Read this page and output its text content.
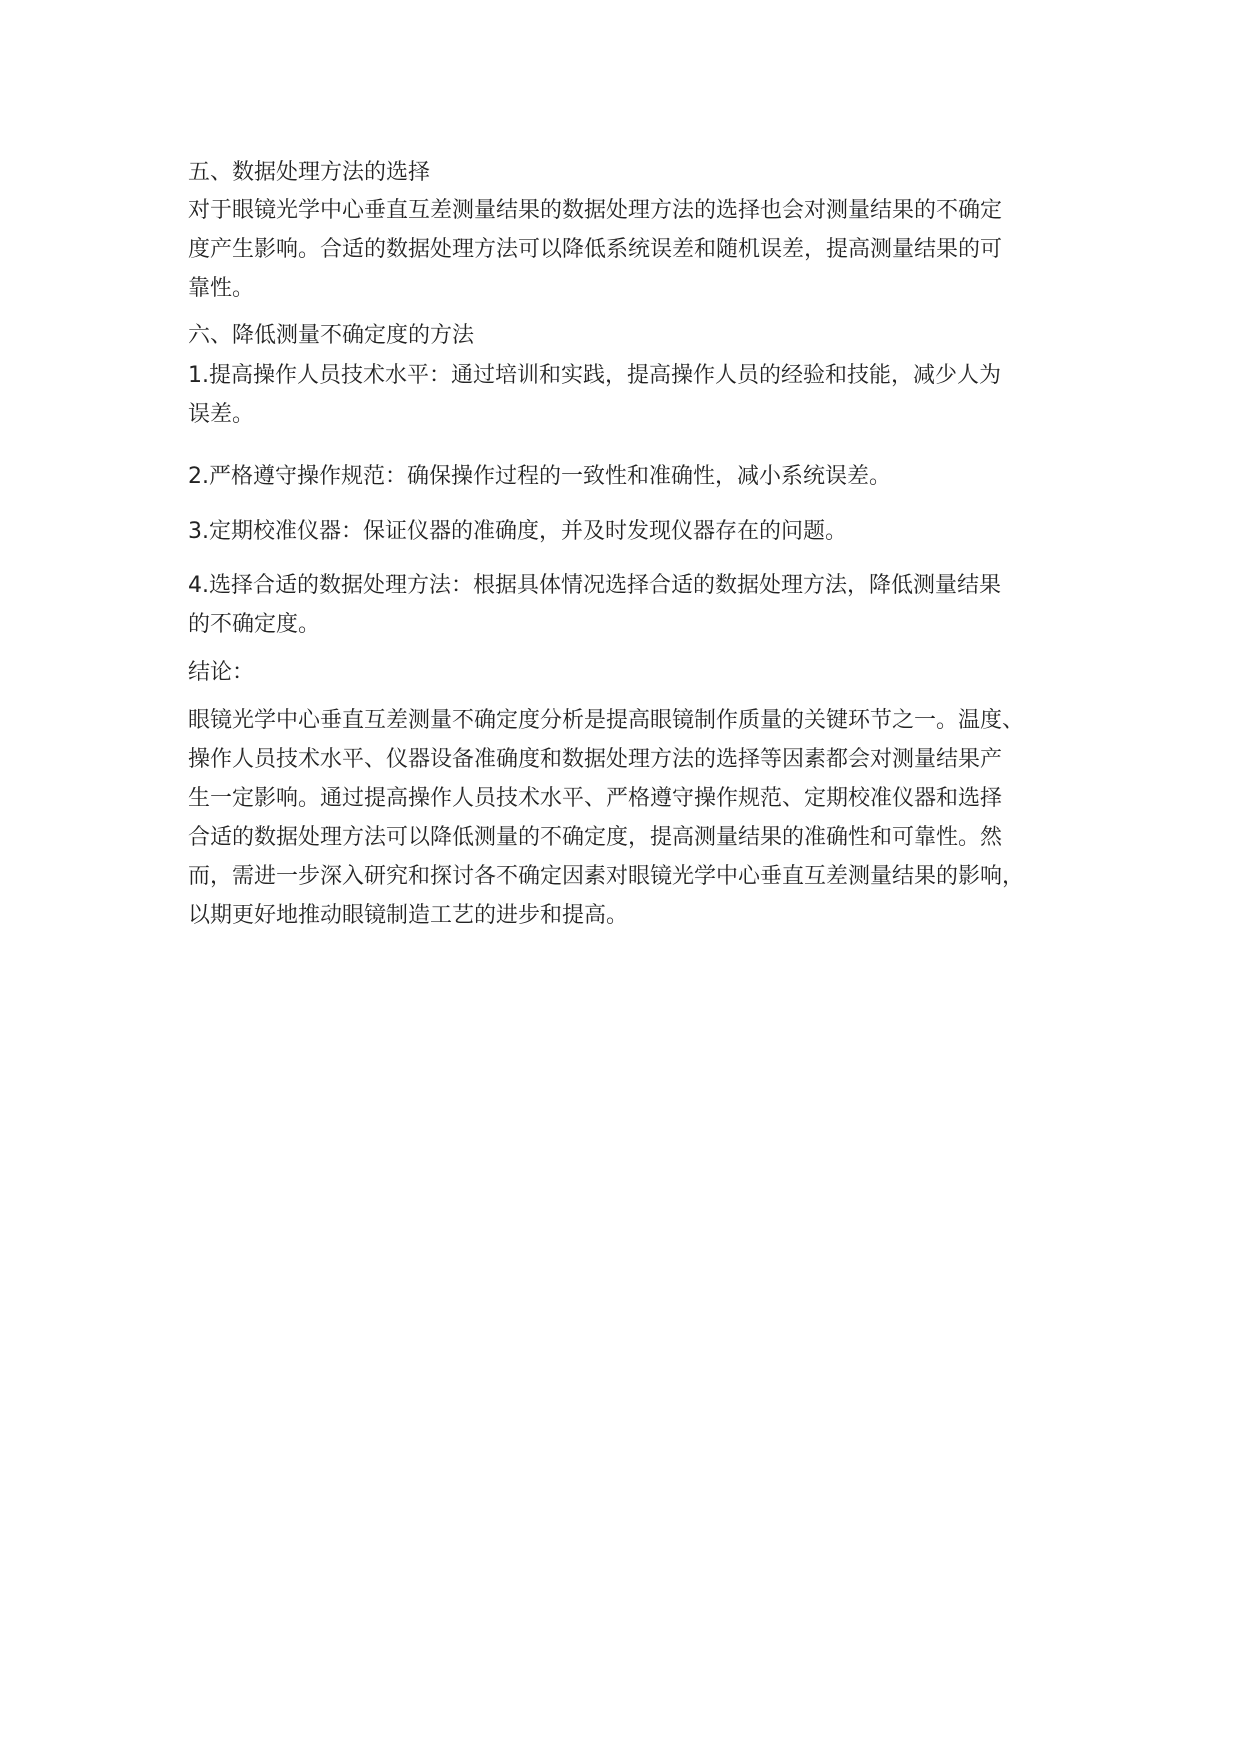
五、数据处理方法的选择

对于眼镜光学中心垂直互差测量结果的数据处理方法的选择也会对测量结果的不确定
度产生影响。合适的数据处理方法可以降低系统误差和随机误差，提高测量结果的可
靠性。

六、降低测量不确定度的方法

1.提高操作人员技术水平：通过培训和实践，提高操作人员的经验和技能，减少人为
误差。

2.严格遵守操作规范：确保操作过程的一致性和准确性，减小系统误差。

3.定期校准仪器：保证仪器的准确度，并及时发现仪器存在的问题。

4.选择合适的数据处理方法：根据具体情况选择合适的数据处理方法，降低测量结果
的不确定度。

结论：

眼镜光学中心垂直互差测量不确定度分析是提高眼镜制作质量的关键环节之一。温度、
操作人员技术水平、仪器设备准确度和数据处理方法的选择等因素都会对测量结果产
生一定影响。通过提高操作人员技术水平、严格遵守操作规范、定期校准仪器和选择
合适的数据处理方法可以降低测量的不确定度，提高测量结果的准确性和可靠性。然
而，需进一步深入研究和探讨各不确定因素对眼镜光学中心垂直互差测量结果的影响，
以期更好地推动眼镜制造工艺的进步和提高。
